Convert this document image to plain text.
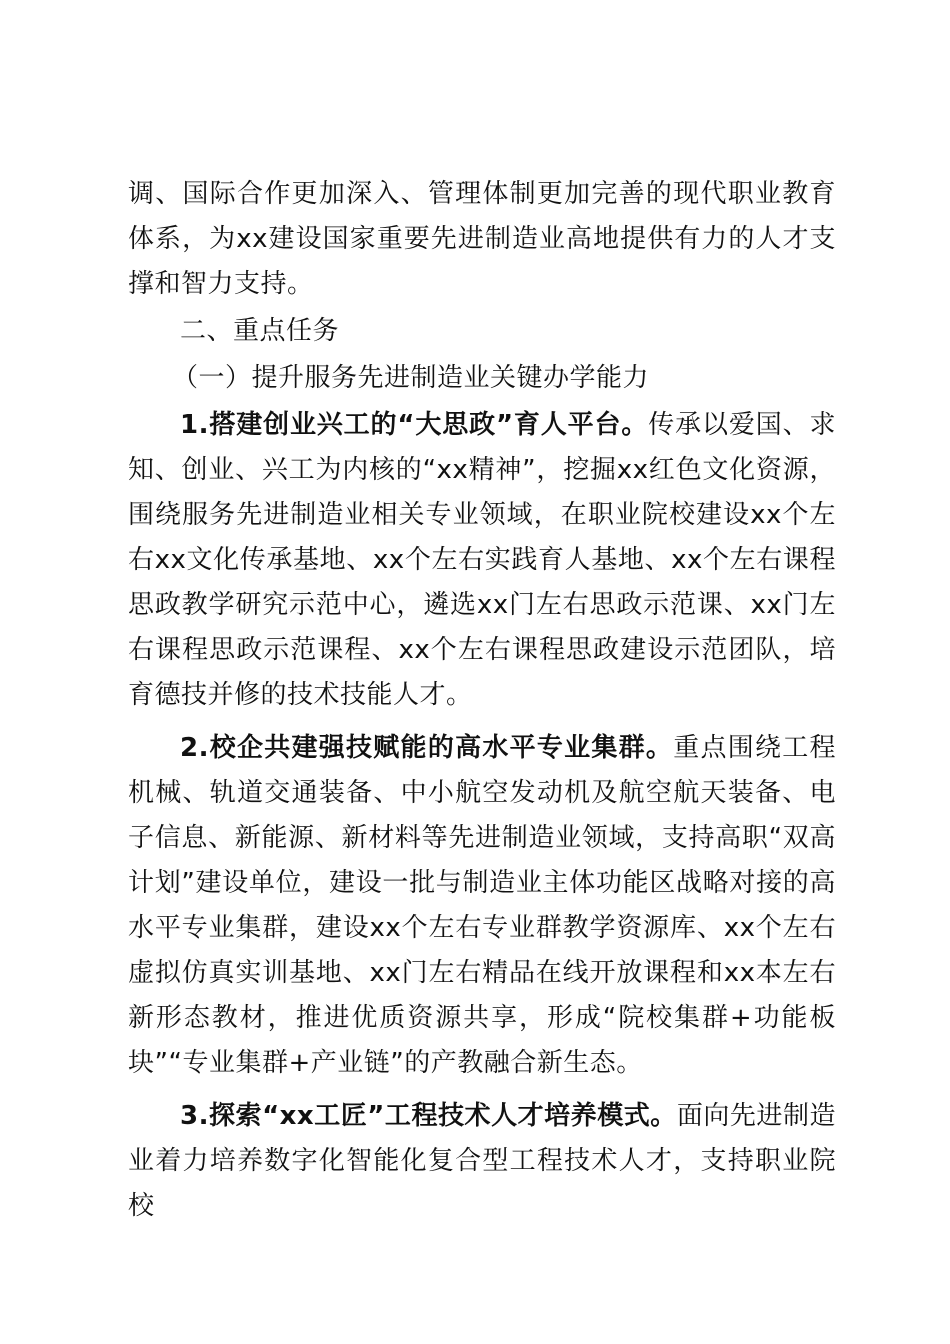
调、国际合作更加深入、管理体制更加完善的现代职业教育体系，为xx建设国家重要先进制造业高地提供有力的人才支撑和智力支持。

二、重点任务

（一）提升服务先进制造业关键办学能力

1.搭建创业兴工的“大思政”育人平台。传承以爱国、求知、创业、兴工为内核的“xx精神”，挖掘xx红色文化资源，围绕服务先进制造业相关专业领域，在职业院校建设xx个左右xx文化传承基地、xx个左右实践育人基地、xx个左右课程思政教学研究示范中心，遴选xx门左右思政示范课、xx门左右课程思政示范课程、xx个左右课程思政建设示范团队，培育德技并修的技术技能人才。

2.校企共建强技赋能的高水平专业集群。重点围绕工程机械、轨道交通装备、中小航空发动机及航空航天装备、电子信息、新能源、新材料等先进制造业领域，支持高职“双高计划”建设单位，建设一批与制造业主体功能区战略对接的高水平专业集群，建设xx个左右专业群教学资源库、xx个左右虚拟仿真实训基地、xx门左右精品在线开放课程和xx本左右新形态教材，推进优质资源共享，形成“院校集群+功能板块”“专业集群+产业链”的产教融合新生态。

3.探索“xx工匠”工程技术人才培养模式。面向先进制造业着力培养数字化智能化复合型工程技术人才，支持职业院校
